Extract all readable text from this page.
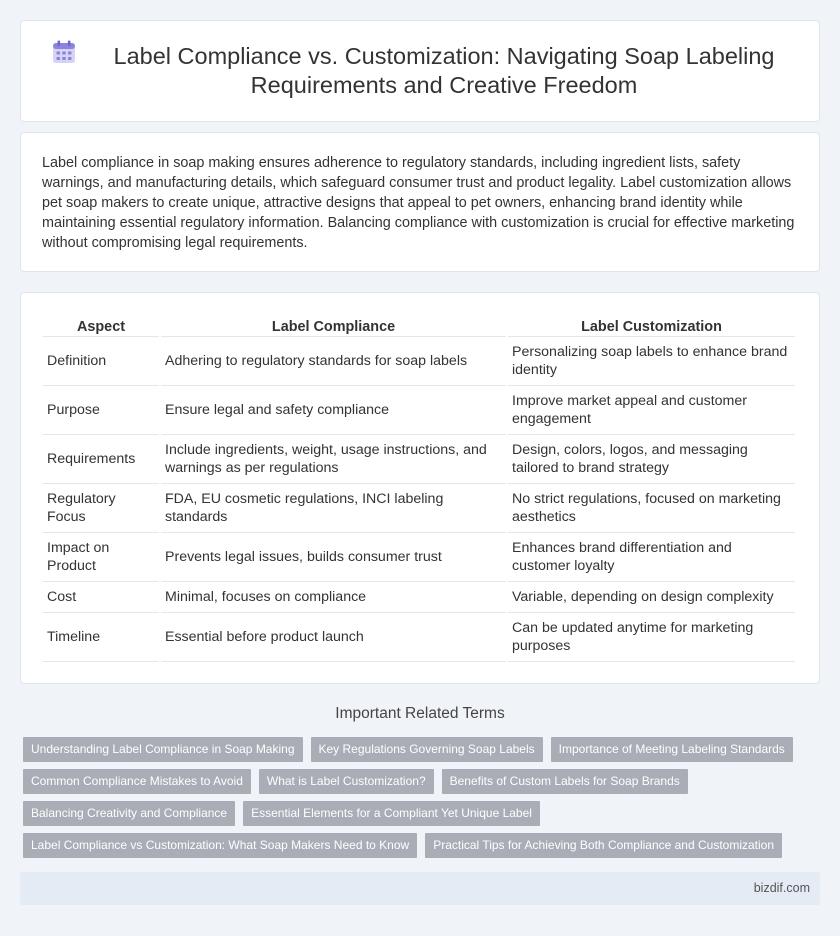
Label Compliance vs. Customization: Navigating Soap Labeling Requirements and Creative Freedom

Label compliance in soap making ensures adherence to regulatory standards, including ingredient lists, safety warnings, and manufacturing details, which safeguard consumer trust and product legality. Label customization allows pet soap makers to create unique, attractive designs that appeal to pet owners, enhancing brand identity while maintaining essential regulatory information. Balancing compliance with customization is crucial for effective marketing without compromising legal requirements.

Aspect	Label Compliance	Label Customization
Definition	Adhering to regulatory standards for soap labels	Personalizing soap labels to enhance brand identity
Purpose	Ensure legal and safety compliance	Improve market appeal and customer engagement
Requirements	Include ingredients, weight, usage instructions, and warnings as per regulations	Design, colors, logos, and messaging tailored to brand strategy
Regulatory Focus	FDA, EU cosmetic regulations, INCI labeling standards	No strict regulations, focused on marketing aesthetics
Impact on Product	Prevents legal issues, builds consumer trust	Enhances brand differentiation and customer loyalty
Cost	Minimal, focuses on compliance	Variable, depending on design complexity
Timeline	Essential before product launch	Can be updated anytime for marketing purposes
Important Related Terms
Understanding Label Compliance in Soap Making	Key Regulations Governing Soap Labels	Importance of Meeting Labeling Standards
Common Compliance Mistakes to Avoid	What is Label Customization?	Benefits of Custom Labels for Soap Brands
Balancing Creativity and Compliance	Essential Elements for a Compliant Yet Unique Label
Label Compliance vs Customization: What Soap Makers Need to Know	Practical Tips for Achieving Both Compliance and Customization
bizdif.com
